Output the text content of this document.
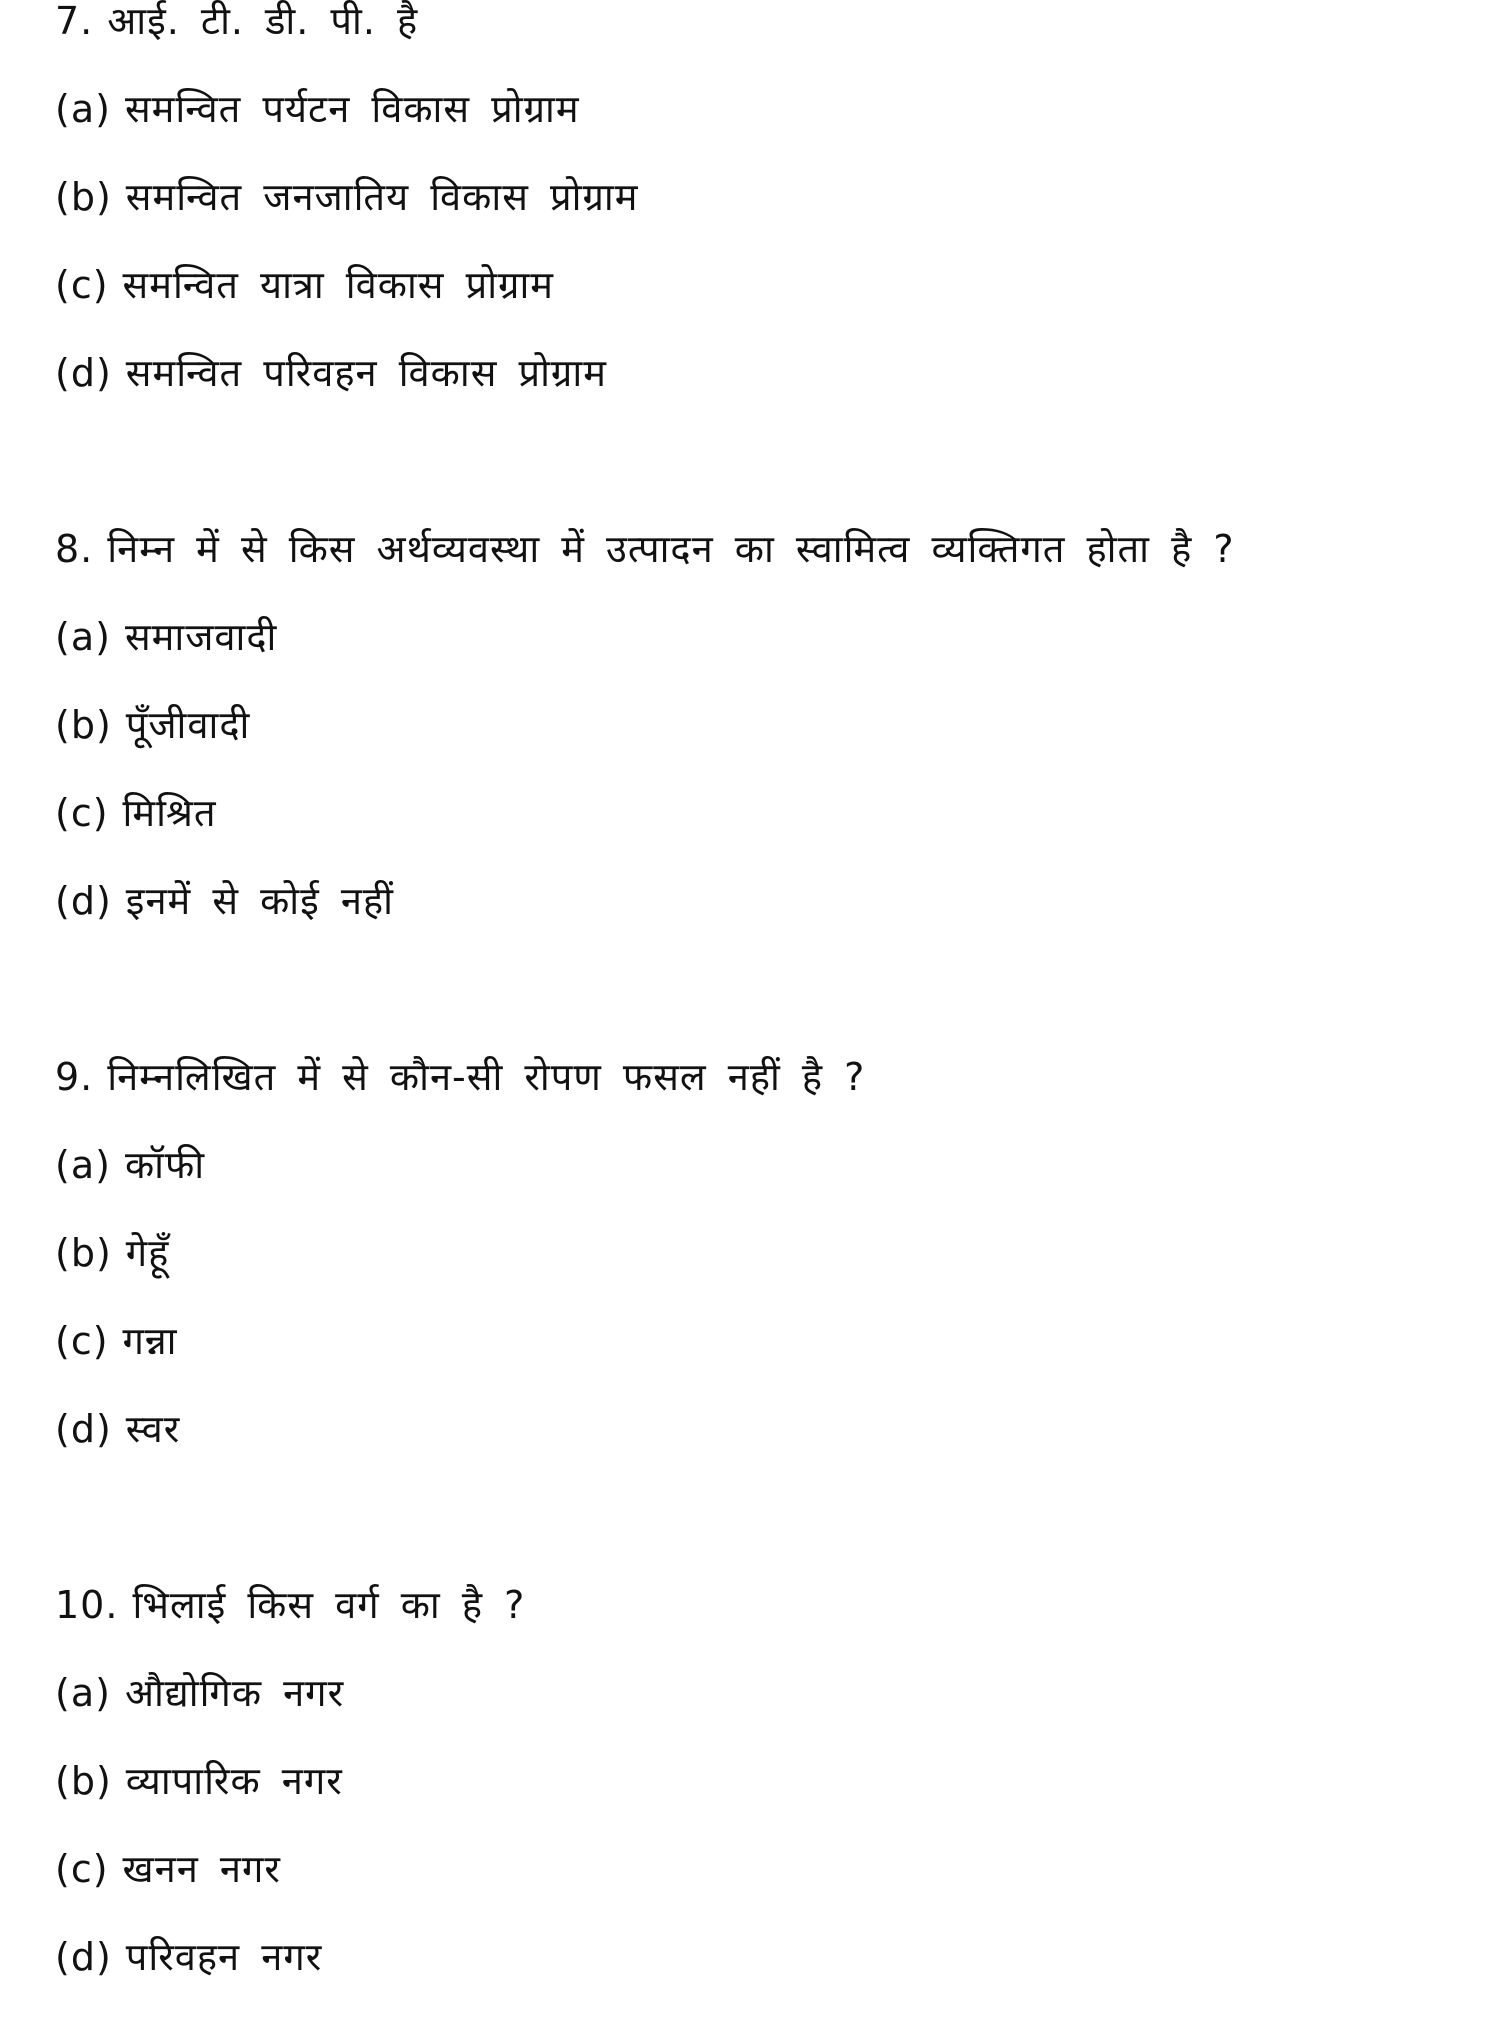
7. आई. टी. डी. पी. है
(a) समन्वित पर्यटन विकास प्रोग्राम
(b) समन्वित जनजातिय विकास प्रोग्राम
(c) समन्वित यात्रा विकास प्रोग्राम
(d) समन्वित परिवहन विकास प्रोग्राम
8. निम्न में से किस अर्थव्यवस्था में उत्पादन का स्वामित्व व्यक्तिगत होता है ?
(a) समाजवादी
(b) पूँजीवादी
(c) मिश्रित
(d) इनमें से कोई नहीं
9. निम्नलिखित में से कौन-सी रोपण फसल नहीं है ?
(a) कॉफी
(b) गेहूँ
(c) गन्ना
(d) स्वर
10. भिलाई किस वर्ग का है ?
(a) औद्योगिक नगर
(b) व्यापारिक नगर
(c) खनन नगर
(d) परिवहन नगर
